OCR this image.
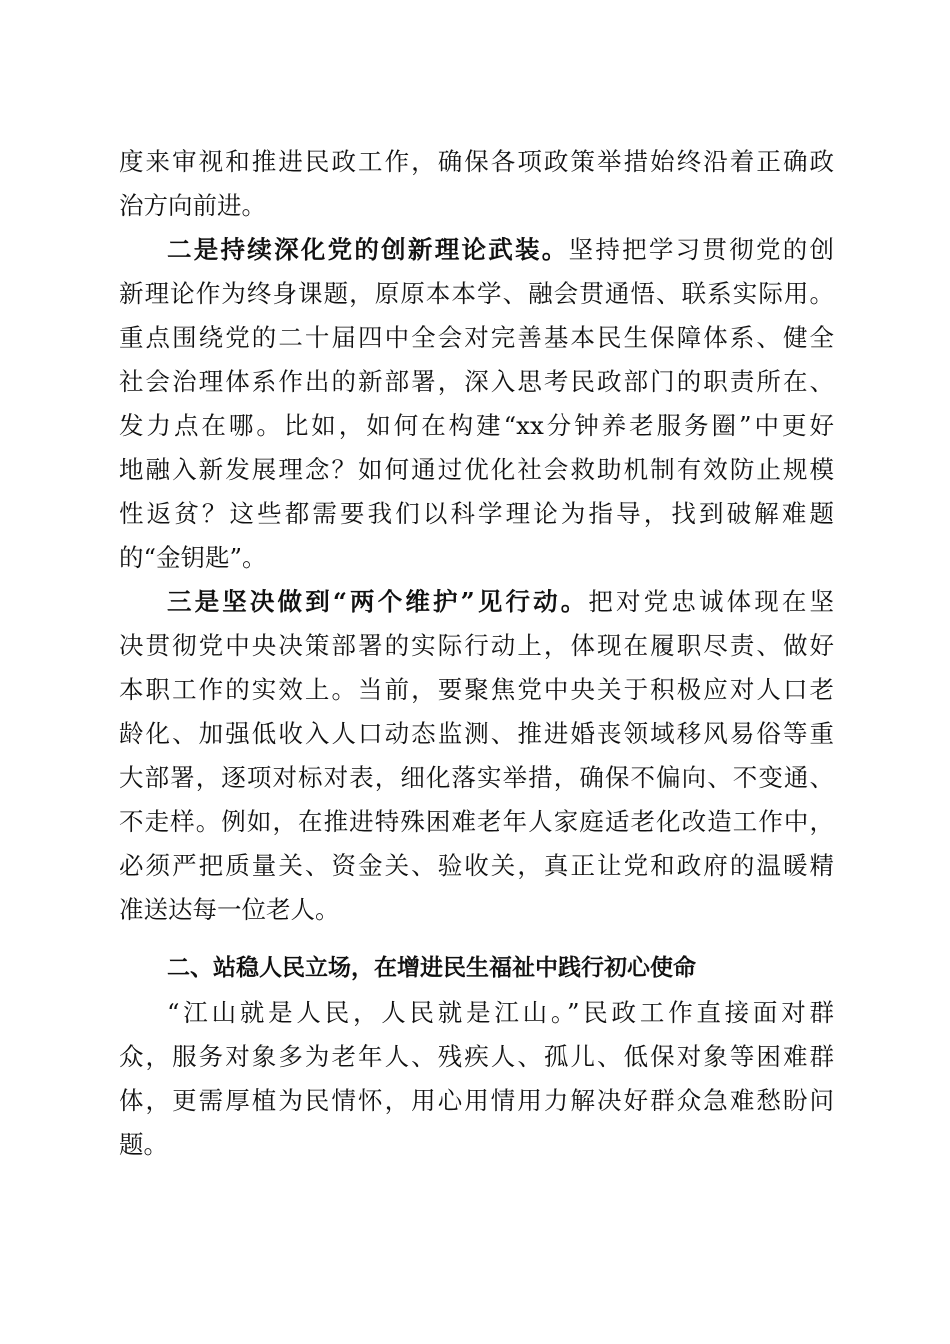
度来审视和推进民政工作，确保各项政策举措始终沿着正确政
治方向前进。
二是持续深化党的创新理论武装。坚持把学习贯彻党的创
新理论作为终身课题，原原本本学、融会贯通悟、联系实际用。
重点围绕党的二十届四中全会对完善基本民生保障体系、健全
社会治理体系作出的新部署，深入思考民政部门的职责所在、
发力点在哪。比如，如何在构建“xx分钟养老服务圈”中更好
地融入新发展理念？如何通过优化社会救助机制有效防止规模
性返贫？这些都需要我们以科学理论为指导，找到破解难题
的“金钥匙”。
三是坚决做到“两个维护”见行动。把对党忠诚体现在坚
决贯彻党中央决策部署的实际行动上，体现在履职尽责、做好
本职工作的实效上。当前，要聚焦党中央关于积极应对人口老
龄化、加强低收入人口动态监测、推进婚丧领域移风易俗等重
大部署，逐项对标对表，细化落实举措，确保不偏向、不变通、
不走样。例如，在推进特殊困难老年人家庭适老化改造工作中，
必须严把质量关、资金关、验收关，真正让党和政府的温暖精
准送达每一位老人。
二、站稳人民立场，在增进民生福祉中践行初心使命
“江山就是人民，人民就是江山。”民政工作直接面对群
众，服务对象多为老年人、残疾人、孤儿、低保对象等困难群
体，更需厚植为民情怀，用心用情用力解决好群众急难愁盼问
题。
